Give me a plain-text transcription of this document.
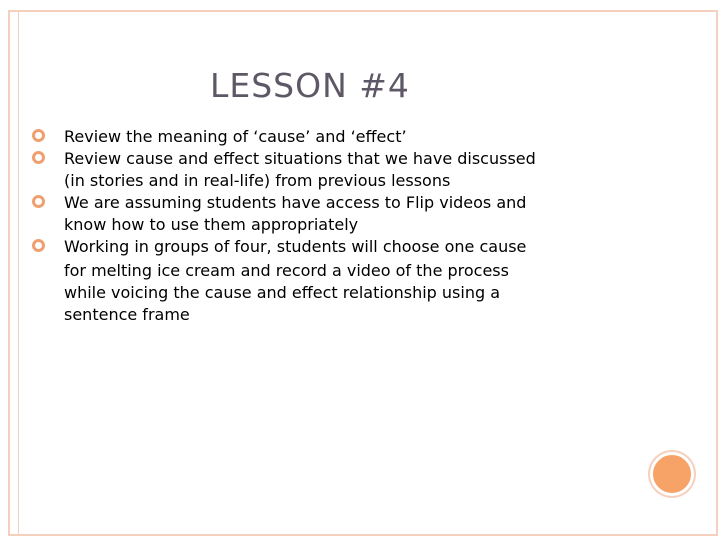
LESSON #4
Review the meaning of ‘cause’ and ‘effect’
Review cause and effect situations that we have discussed
(in stories and in real-life) from previous lessons
We are assuming students have access to Flip videos and
know how to use them appropriately
Working in groups of four, students will choose one cause
for melting ice cream and record a video of the process
while voicing the cause and effect relationship using a
sentence frame
